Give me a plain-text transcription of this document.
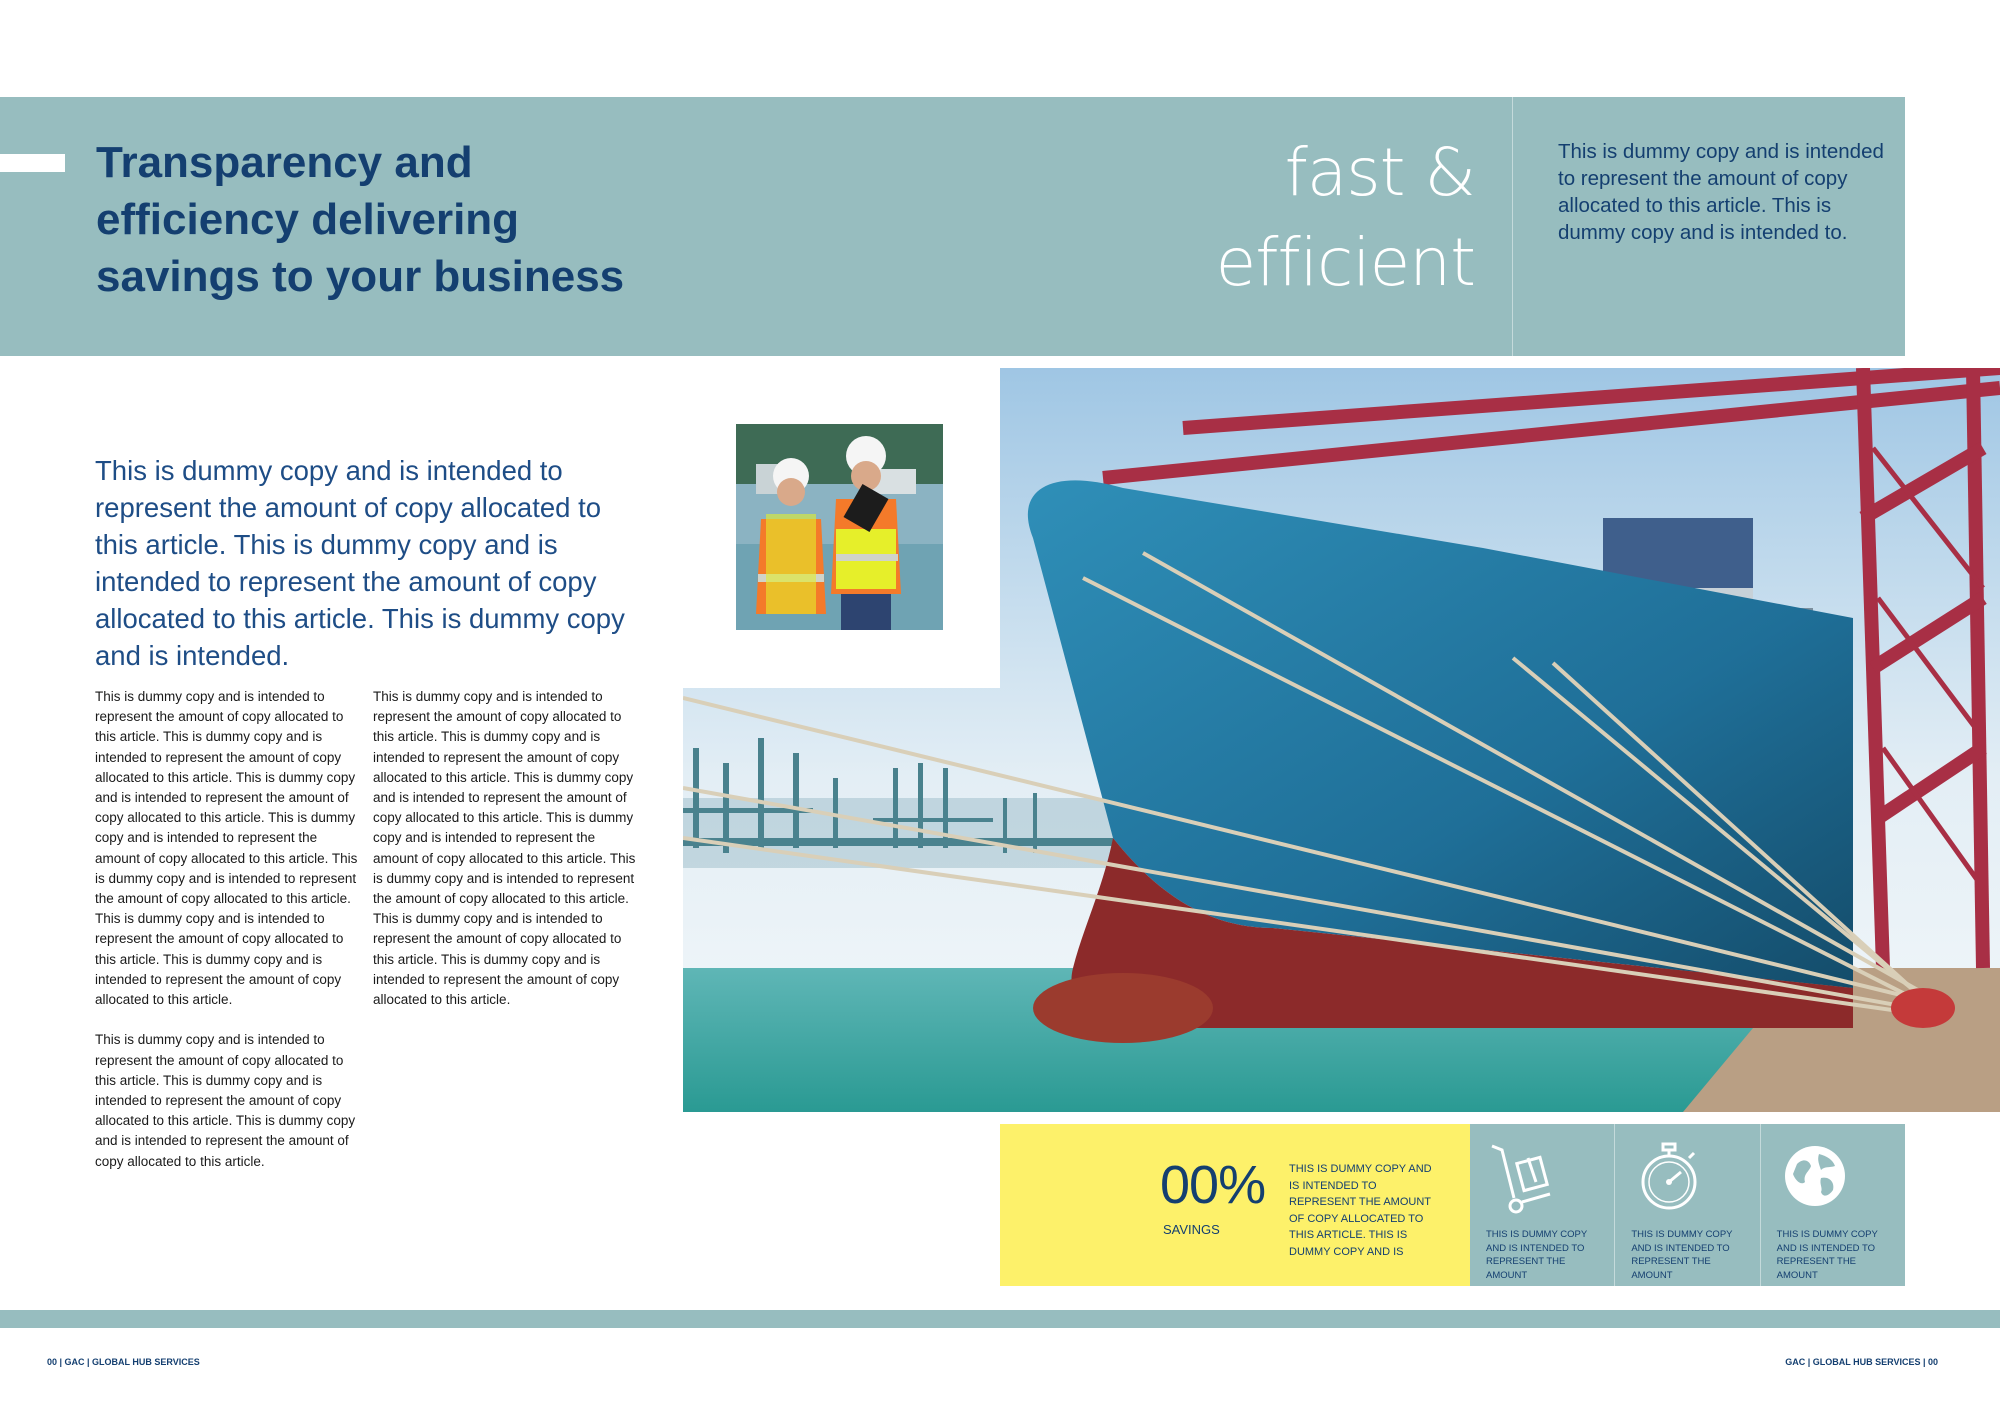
Transparency and efficiency delivering savings to your business
fast & efficient

This is dummy copy and is intended to represent the amount of copy allocated to this article. This is dummy copy and is intended to.

This is dummy copy and is intended to represent the amount of copy allocated to this article. This is dummy copy and is intended to represent the amount of copy allocated to this article. This is dummy copy and is intended.

This is dummy copy and is intended to represent the amount of copy allocated to this article. This is dummy copy and is intended to represent the amount of copy allocated to this article. This is dummy copy and is intended to represent the amount of copy allocated to this article. This is dummy copy and is intended to represent the amount of copy allocated to this article. This is dummy copy and is intended to represent the amount of copy allocated to this article. This is dummy copy and is intended to represent the amount of copy allocated to this article. This is dummy copy and is intended to represent the amount of copy allocated to this article.

This is dummy copy and is intended to represent the amount of copy allocated to this article. This is dummy copy and is intended to represent the amount of copy allocated to this article. This is dummy copy and is intended to represent the amount of copy allocated to this article.

This is dummy copy and is intended to represent the amount of copy allocated to this article. This is dummy copy and is intended to represent the amount of copy allocated to this article. This is dummy copy and is intended to represent the amount of copy allocated to this article. This is dummy copy and is intended to represent the amount of copy allocated to this article. This is dummy copy and is intended to represent the amount of copy allocated to this article. This is dummy copy and is intended to represent the amount of copy allocated to this article. This is dummy copy and is intended to represent the amount of copy allocated to this article.

00%
SAVINGS
THIS IS DUMMY COPY AND IS INTENDED TO REPRESENT THE AMOUNT OF COPY ALLOCATED TO THIS ARTICLE. THIS IS DUMMY COPY AND IS
THIS IS DUMMY COPY AND IS INTENDED TO REPRESENT THE AMOUNT
THIS IS DUMMY COPY AND IS INTENDED TO REPRESENT THE AMOUNT
THIS IS DUMMY COPY AND IS INTENDED TO REPRESENT THE AMOUNT
00 | GAC | GLOBAL HUB SERVICES	GAC | GLOBAL HUB SERVICES | 00
